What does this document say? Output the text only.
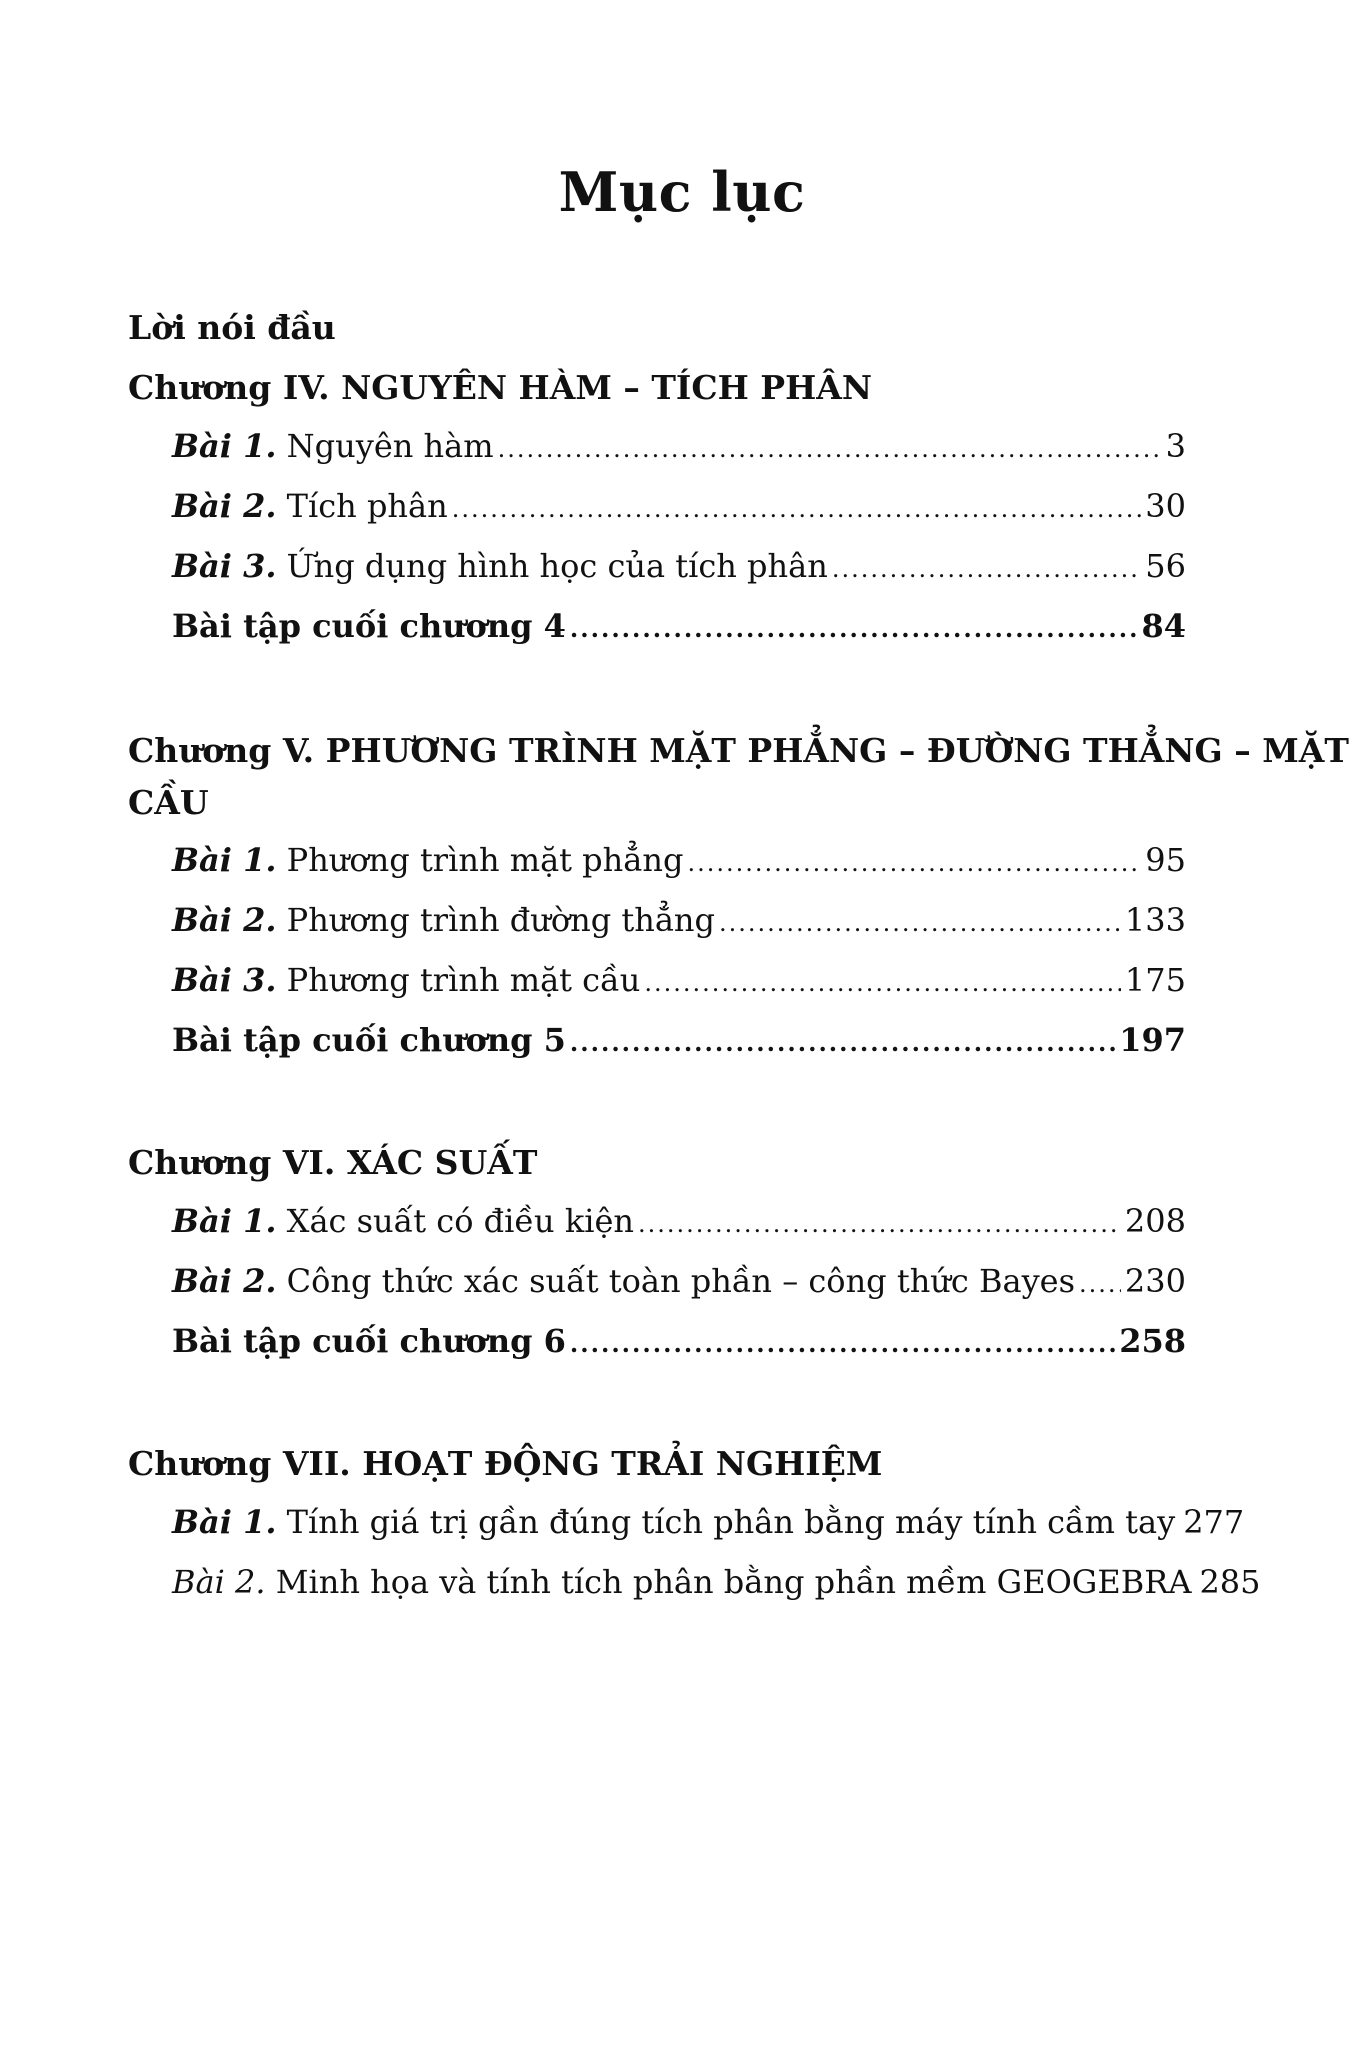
Mục lục
Lời nói đầu
Chương IV. NGUYÊN HÀM – TÍCH PHÂN
Bài 1. Nguyên hàm .....	3
Bài 2. Tích phân .....	30
Bài 3. Ứng dụng hình học của tích phân .....	56
Bài tập cuối chương 4 .....	84
Chương V. PHƯƠNG TRÌNH MẶT PHẲNG – ĐƯỜNG THẲNG – MẶT
CẦU
Bài 1. Phương trình mặt phẳng .....	95
Bài 2. Phương trình đường thẳng .....	133
Bài 3. Phương trình mặt cầu .....	175
Bài tập cuối chương 5 .....	197
Chương VI. XÁC SUẤT
Bài 1. Xác suất có điều kiện .....	208
Bài 2. Công thức xác suất toàn phần – công thức Bayes ..... 230
Bài tập cuối chương 6 .....	258
Chương VII. HOẠT ĐỘNG TRẢI NGHIỆM
Bài 1. Tính giá trị gần đúng tích phân bằng máy tính cầm tay 277
Bài 2. Minh họa và tính tích phân bằng phần mềm GEOGEBRA 285
